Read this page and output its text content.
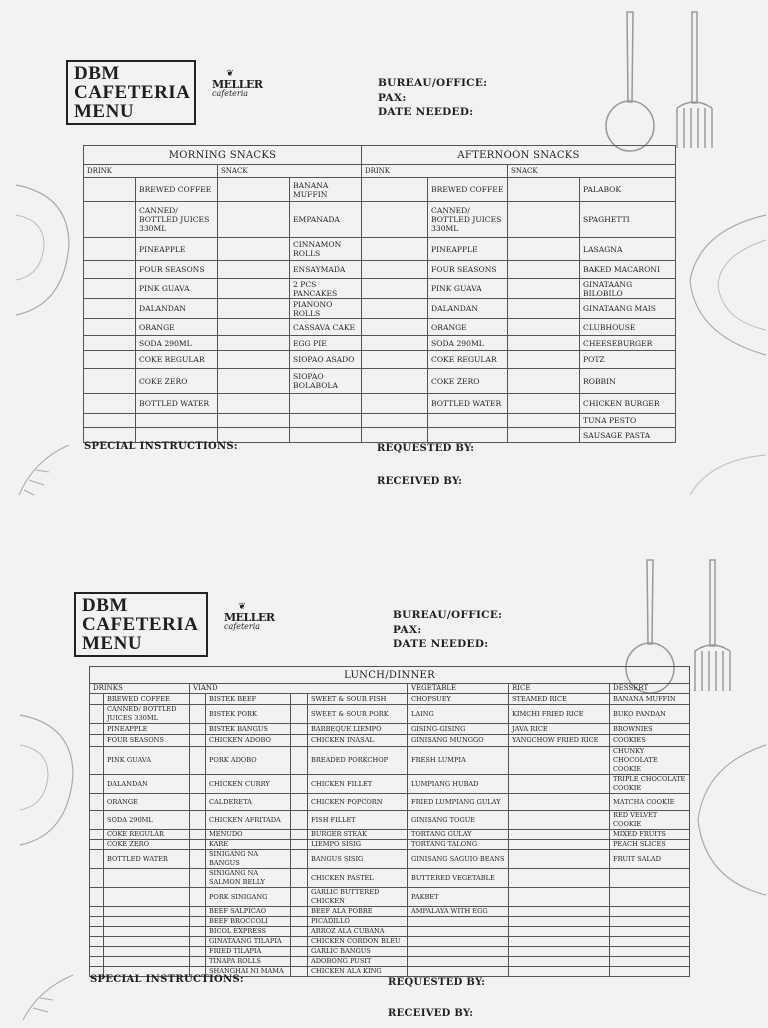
DBM
CAFETERIA
MENU
❦
MELLER
cafeteria
BUREAU/OFFICE:
PAX:
DATE NEEDED:
MORNING SNACKS				AFTERNOON SNACKS			
DRINK		SNACK		DRINK		SNACK	
	BREWED COFFEE		BANANA MUFFIN		BREWED COFFEE		PALABOK
	CANNED/ BOTTLED JUICES 330ML		EMPANADA		CANNED/ BOTTLED JUICES 330ML		SPAGHETTI
	PINEAPPLE		CINNAMON ROLLS		PINEAPPLE		LASAGNA
	FOUR SEASONS		ENSAYMADA		FOUR SEASONS		BAKED MACARONI
	PINK GUAVA		2 PCS PANCAKES		PINK GUAVA		GINATAANG BILOBILO
	DALANDAN		PIANONO ROLLS		DALANDAN		GINATAANG MAIS
	ORANGE		CASSAVA CAKE		ORANGE		CLUBHOUSE
	SODA 290ML		EGG PIE		SODA 290ML		CHEESEBURGER
	COKE REGULAR		SIOPAO ASADO		COKE REGULAR		POTZ
	COKE ZERO		SIOPAO BOLABOLA		COKE ZERO		ROBBIN
	BOTTLED WATER				BOTTLED WATER		CHICKEN BURGER
							TUNA PESTO
							SAUSAGE PASTA
SPECIAL INSTRUCTIONS:	REQUESTED BY:
RECEIVED BY:
DBM
CAFETERIA
MENU
❦
MELLER
cafeteria
BUREAU/OFFICE:
PAX:
DATE NEEDED:
LUNCH/DINNER								
DRINKS		VIAND				VEGETABLE	RICE	DESSERT
	BREWED COFFEE		BISTEK BEEF		SWEET & SOUR FISH	CHOPSUEY	STEAMED RICE	BANANA MUFFIN
	CANNED/ BOTTLED JUICES 330ML		BISTEK PORK		SWEET & SOUR PORK	LAING	KIMCHI FRIED RICE	BUKO PANDAN
	PINEAPPLE		BISTEK BANGUS		BARBEQUE LIEMPO	GISING-GISING	JAVA RICE	BROWNIES
	FOUR SEASONS		CHICKEN ADOBO		CHICKEN INASAL	GINISANG MUNGGO	YANGCHOW FRIED RICE	COOKIES
	PINK GUAVA		PORK ADOBO		BREADED PORKCHOP	FRESH LUMPIA		CHUNKY CHOCOLATE COOKIE
	DALANDAN		CHICKEN CURRY		CHICKEN FILLET	LUMPIANG HUBAD		TRIPLE CHOCOLATE COOKIE
	ORANGE		CALDERETA		CHICKEN POPCORN	FRIED LUMPIANG GULAY		MATCHA COOKIE
	SODA 290ML		CHICKEN AFRITADA		FISH FILLET	GINISANG TOGUE		RED VELVET COOKIE
	COKE REGULAR		MENUDO		BURGER STEAK	TORTANG GULAY		MIXED FRUITS
	COKE ZERO		KARE		LIEMPO SISIG	TORTANG TALONG		PEACH SLICES
	BOTTLED WATER		SINIGANG NA BANGUS		BANGUS SISIG	GINISANG SAGUIO BEANS		FRUIT SALAD
			SINIGANG NA SALMON BELLY		CHICKEN PASTEL	BUTTERED VEGETABLE		
			PORK SINIGANG		GARLIC BUTTERED CHICKEN	PAKBET		
			BEEF SALPICAO		BEEF ALA POBRE	AMPALAYA WITH EGG		
			BEEF BROCCOLI		PICADILLO			
			BICOL EXPRESS		ARROZ ALA CUBANA			
			GINATAANG TILAPIA		CHICKEN CORDON BLEU			
			FRIED TILAPIA		GARLIC BANGUS			
			TINAPA ROLLS		ADOBONG PUSIT			
			SHANGHAI NI MAMA		CHICKEN ALA KING			
SPECIAL INSTRUCTIONS:	REQUESTED BY:
RECEIVED BY:
